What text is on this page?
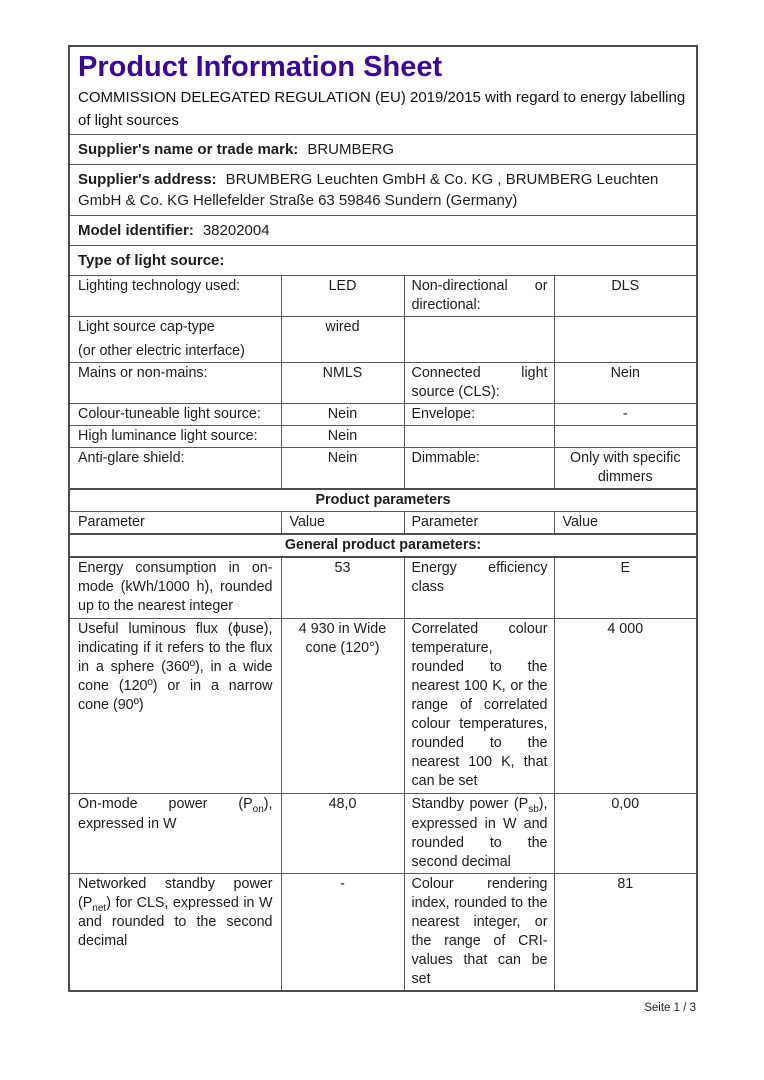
Product Information Sheet

COMMISSION DELEGATED REGULATION (EU) 2019/2015 with regard to energy labelling of light sources

Supplier's name or trade mark: BRUMBERG			
Supplier's address: BRUMBERG Leuchten GmbH & Co. KG , BRUMBERG Leuchten GmbH & Co. KG Hellefelder Straße 63 59846 Sundern (Germany)			
Model identifier: 38202004			
Type of light source:			
Lighting technology used:	LED	Non-directional or directional:	DLS

Light source cap-type
(or other electric interface)	wired		
Mains or non-mains:	NMLS	Connected light source (CLS):	Nein
Colour-tuneable light source:	Nein	Envelope:	-
High luminance light source:	Nein		
Anti-glare shield:	Nein	Dimmable:	Only with specific dimmers
Product parameters			
Parameter	Value	Parameter	Value
General product parameters:			
Energy consumption in on-mode (kWh/1000 h), rounded up to the nearest integer	53	Energy efficiency class	E
Useful luminous flux (ϕuse), indicating if it refers to the flux in a sphere (360º), in a wide cone (120º) or in a narrow cone (90º)	4 930 in Wide cone (120°)	Correlated colour temperature, rounded to the nearest 100 K, or the range of correlated colour temperatures, rounded to the nearest 100 K, that can be set	4 000
On-mode power $(P_{on})$, expressed in W	48,0	Standby power $(P_{sb})$, expressed in W and rounded to the second decimal	0,00
Networked standby power $(P_{net})$ for CLS, expressed in W and rounded to the second decimal	-	Colour rendering index, rounded to the nearest integer, or the range of CRI-values that can be set	81
Seite 1 / 3
